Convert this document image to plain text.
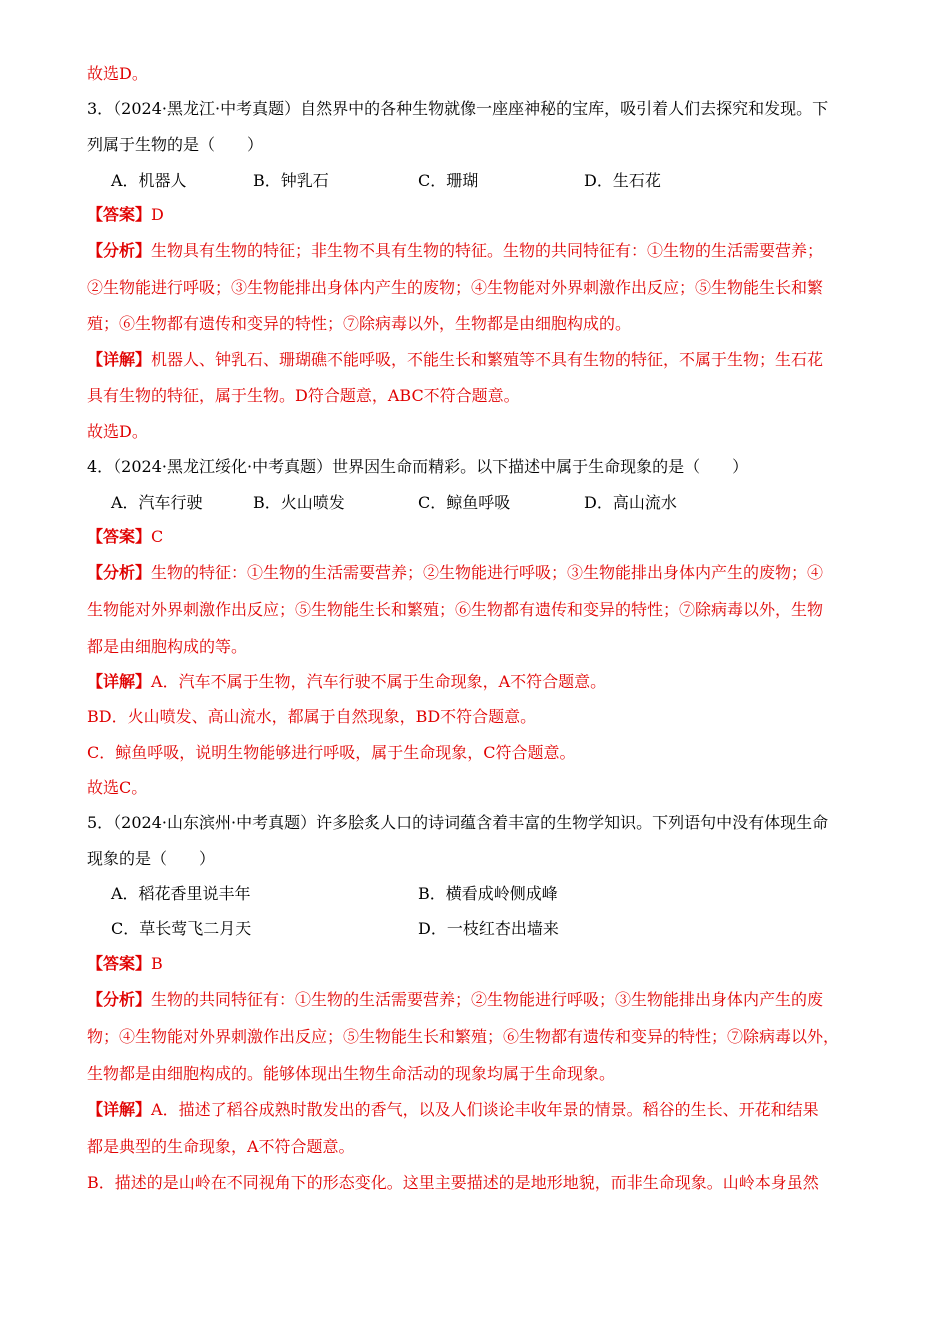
故选D。
3．（2024·黑龙江·中考真题）自然界中的各种生物就像一座座神秘的宝库，吸引着人们去探究和发现。下
列属于生物的是（　　）
A．机器人	B．钟乳石	C．珊瑚	D．生石花
【答案】D
【分析】生物具有生物的特征；非生物不具有生物的特征。生物的共同特征有：①生物的生活需要营养；
②生物能进行呼吸；③生物能排出身体内产生的废物；④生物能对外界刺激作出反应；⑤生物能生长和繁
殖；⑥生物都有遗传和变异的特性；⑦除病毒以外，生物都是由细胞构成的。
【详解】机器人、钟乳石、珊瑚礁不能呼吸，不能生长和繁殖等不具有生物的特征，不属于生物；生石花
具有生物的特征，属于生物。D符合题意，ABC不符合题意。
故选D。
4．（2024·黑龙江绥化·中考真题）世界因生命而精彩。以下描述中属于生命现象的是（　　）
A．汽车行驶	B．火山喷发	C．鲸鱼呼吸	D．高山流水
【答案】C
【分析】生物的特征：①生物的生活需要营养；②生物能进行呼吸；③生物能排出身体内产生的废物；④
生物能对外界刺激作出反应；⑤生物能生长和繁殖；⑥生物都有遗传和变异的特性；⑦除病毒以外，生物
都是由细胞构成的等。
【详解】A．汽车不属于生物，汽车行驶不属于生命现象，A不符合题意。
BD．火山喷发、高山流水，都属于自然现象，BD不符合题意。
C．鲸鱼呼吸，说明生物能够进行呼吸，属于生命现象，C符合题意。
故选C。
5．（2024·山东滨州·中考真题）许多脍炙人口的诗词蕴含着丰富的生物学知识。下列语句中没有体现生命
现象的是（　　）
A．稻花香里说丰年	B．横看成岭侧成峰
C．草长莺飞二月天	D．一枝红杏出墙来
【答案】B
【分析】生物的共同特征有：①生物的生活需要营养；②生物能进行呼吸；③生物能排出身体内产生的废
物；④生物能对外界刺激作出反应；⑤生物能生长和繁殖；⑥生物都有遗传和变异的特性；⑦除病毒以外，
生物都是由细胞构成的。能够体现出生物生命活动的现象均属于生命现象。
【详解】A．描述了稻谷成熟时散发出的香气，以及人们谈论丰收年景的情景。稻谷的生长、开花和结果
都是典型的生命现象，A不符合题意。
B．描述的是山岭在不同视角下的形态变化。这里主要描述的是地形地貌，而非生命现象。山岭本身虽然
